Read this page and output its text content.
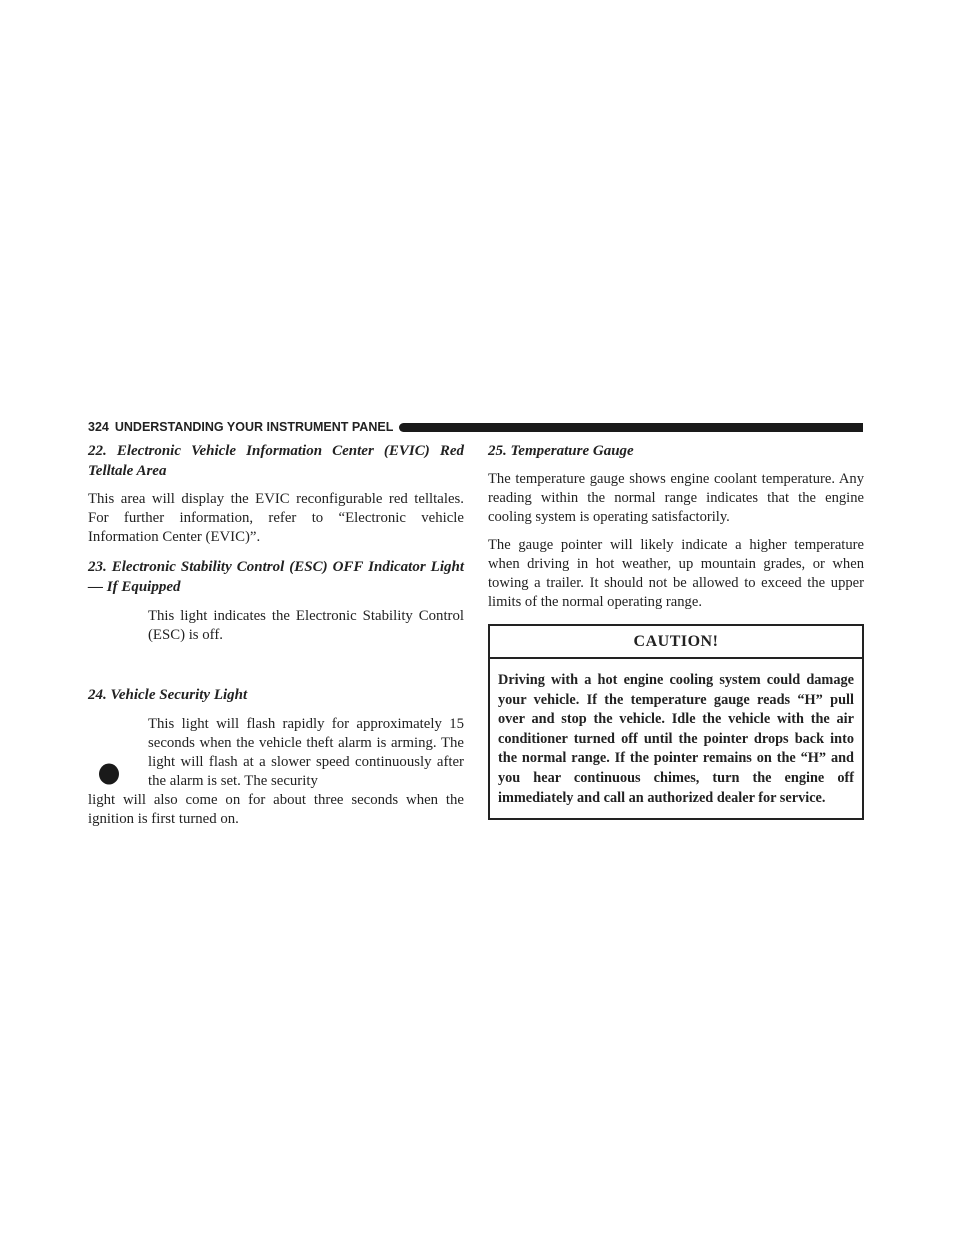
324 UNDERSTANDING YOUR INSTRUMENT PANEL
22. Electronic Vehicle Information Center (EVIC) Red Telltale Area

This area will display the EVIC reconfigurable red telltales. For further information, refer to “Electronic vehicle Information Center (EVIC)”.

23. Electronic Stability Control (ESC) OFF Indicator Light — If Equipped

This light indicates the Electronic Stability Control (ESC) is off.

24. Vehicle Security Light

This light will flash rapidly for approximately 15 seconds when the vehicle theft alarm is arming. The light will flash at a slower speed continuously after the alarm is set. The security

light will also come on for about three seconds when the ignition is first turned on.

25. Temperature Gauge

The temperature gauge shows engine coolant temperature. Any reading within the normal range indicates that the engine cooling system is operating satisfactorily.

The gauge pointer will likely indicate a higher temperature when driving in hot weather, up mountain grades, or when towing a trailer. It should not be allowed to exceed the upper limits of the normal operating range.

CAUTION!

Driving with a hot engine cooling system could damage your vehicle. If the temperature gauge reads “H” pull over and stop the vehicle. Idle the vehicle with the air conditioner turned off until the pointer drops back into the normal range. If the pointer remains on the “H” and you hear continuous chimes, turn the engine off immediately and call an authorized dealer for service.
